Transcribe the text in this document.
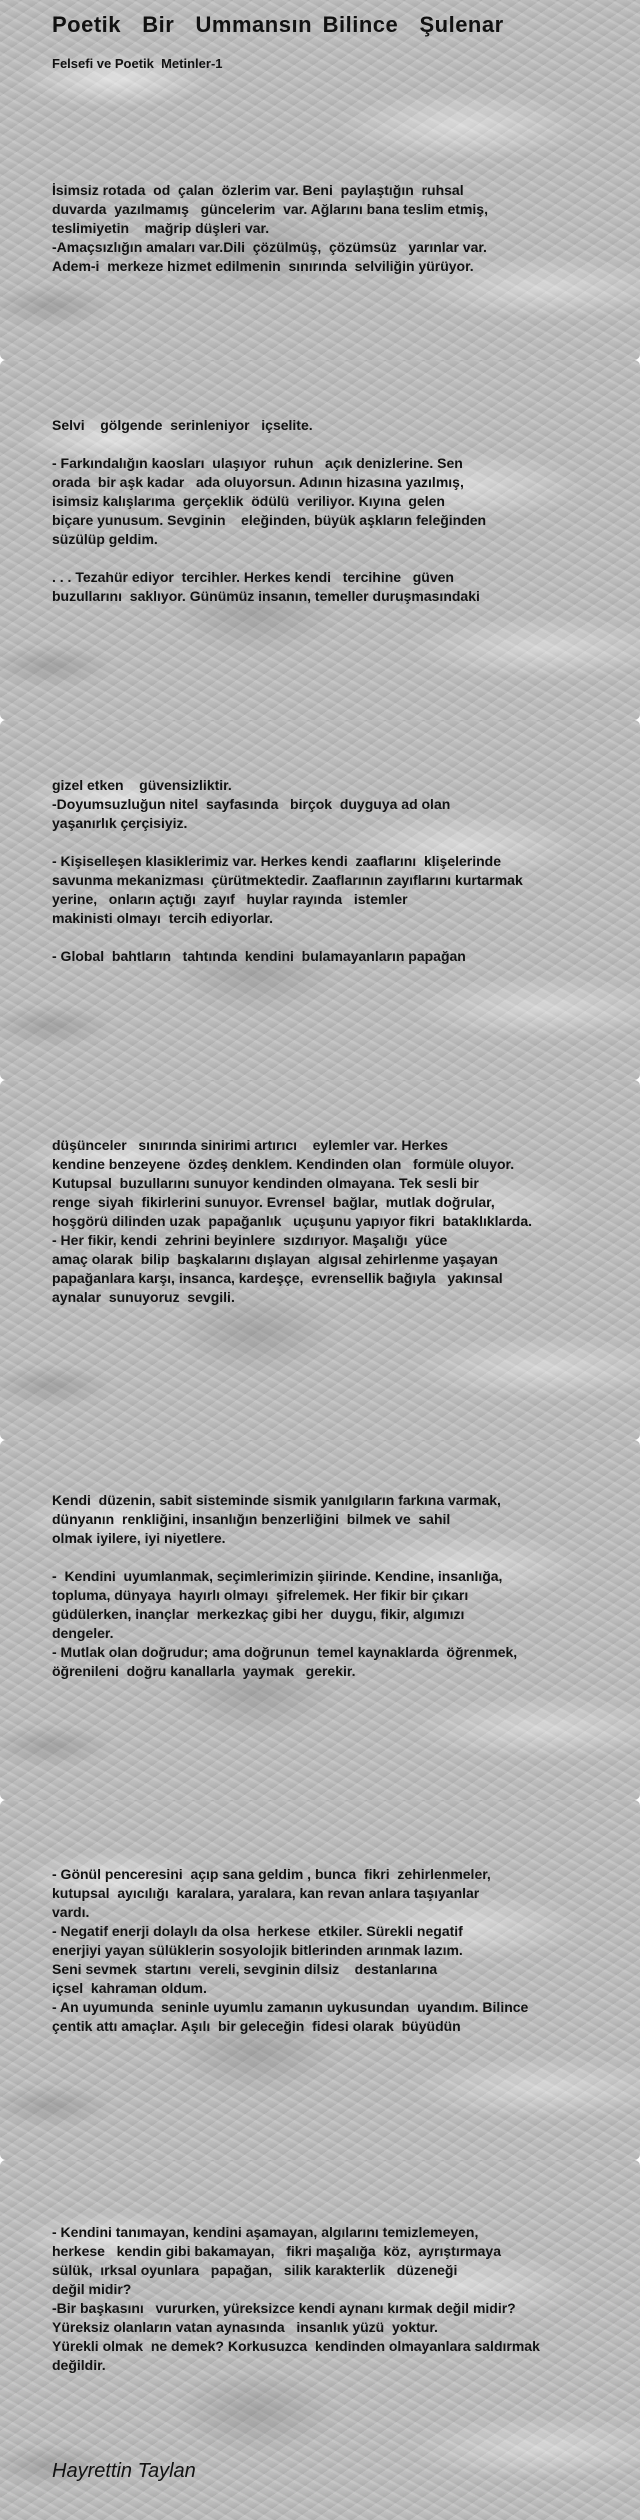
Poetik  Bir  Ummansın Bilince  Şulenar
Felsefi ve Poetik  Metinler-1
İsimsiz rotada  od  çalan  özlerim var. Beni  paylaştığın  ruhsal
duvarda  yazılmamış   güncelerim  var. Ağlarını bana teslim etmiş,
teslimiyetin    mağrip düşleri var.
-Amaçsızlığın amaları var.Dili  çözülmüş,  çözümsüz   yarınlar var.
Adem-i  merkeze hizmet edilmenin  sınırında  selviliğin yürüyor.
Selvi    gölgende  serinleniyor   içselite.
- Farkındalığın kaosları  ulaşıyor  ruhun   açık denizlerine. Sen
orada  bir aşk kadar   ada oluyorsun. Adının hizasına yazılmış,
isimsiz kalışlarıma  gerçeklik  ödülü  veriliyor. Kıyına  gelen
biçare yunusum. Sevginin    eleğinden, büyük aşkların feleğinden
süzülüp geldim.
. . . Tezahür ediyor  tercihler. Herkes kendi   tercihine   güven
buzullarını  saklıyor. Günümüz insanın, temeller duruşmasındaki
gizel etken    güvensizliktir.
-Doyumsuzluğun nitel  sayfasında   birçok  duyguya ad olan
yaşanırlık çerçisiyiz.
- Kişiselleşen klasiklerimiz var. Herkes kendi  zaaflarını  klişelerinde
savunma mekanizması  çürütmektedir. Zaaflarının zayıflarını kurtarmak
yerine,   onların açtığı  zayıf   huylar rayında   istemler
makinisti olmayı  tercih ediyorlar.
- Global  bahtların   tahtında  kendini  bulamayanların papağan
düşünceler   sınırında sinirimi artırıcı    eylemler var. Herkes
kendine benzeyene  özdeş denklem. Kendinden olan   formüle oluyor.
Kutupsal  buzullarını sunuyor kendinden olmayana. Tek sesli bir
renge  siyah  fikirlerini sunuyor. Evrensel  bağlar,  mutlak doğrular,
hoşgörü dilinden uzak  papağanlık   uçuşunu yapıyor fikri  bataklıklarda.
- Her fikir, kendi  zehrini beyinlere  sızdırıyor. Maşalığı  yüce
amaç olarak  bilip  başkalarını dışlayan  algısal zehirlenme yaşayan
papağanlara karşı, insanca, kardeşçe,  evrensellik bağıyla   yakınsal
aynalar  sunuyoruz  sevgili.
Kendi  düzenin, sabit sisteminde sismik yanılgıların farkına varmak,
dünyanın  renkliğini, insanlığın benzerliğini  bilmek ve  sahil
olmak iyilere, iyi niyetlere.
-  Kendini  uyumlanmak, seçimlerimizin şiirinde. Kendine, insanlığa,
topluma, dünyaya  hayırlı olmayı  şifrelemek. Her fikir bir çıkarı
güdülerken, inançlar  merkezkaç gibi her  duygu, fikir, algımızı
dengeler.
- Mutlak olan doğrudur; ama doğrunun  temel kaynaklarda  öğrenmek,
öğrenileni  doğru kanallarla  yaymak   gerekir.
- Gönül penceresini  açıp sana geldim , bunca  fikri  zehirlenmeler,
kutupsal  ayıcılığı  karalara, yaralara, kan revan anlara taşıyanlar
vardı.
- Negatif enerji dolaylı da olsa  herkese  etkiler. Sürekli negatif
enerjiyi yayan sülüklerin sosyolojik bitlerinden arınmak lazım.
Seni sevmek  startını  vereli, sevginin dilsiz    destanlarına
içsel  kahraman oldum.
- An uyumunda  seninle uyumlu zamanın uykusundan  uyandım. Bilince
çentik attı amaçlar. Aşılı  bir geleceğin  fidesi olarak  büyüdün
- Kendini tanımayan, kendini aşamayan, algılarını temizlemeyen,
herkese   kendin gibi bakamayan,   fikri maşalığa  köz,  ayrıştırmaya
sülük,  ırksal oyunlara   papağan,   silik karakterlik   düzeneği
değil midir?
-Bir başkasını   vururken, yüreksizce kendi aynanı kırmak değil midir?
Yüreksiz olanların vatan aynasında   insanlık yüzü  yoktur.
Yürekli olmak  ne demek? Korkusuzca  kendinden olmayanlara saldırmak
değildir.
Hayrettin Taylan
